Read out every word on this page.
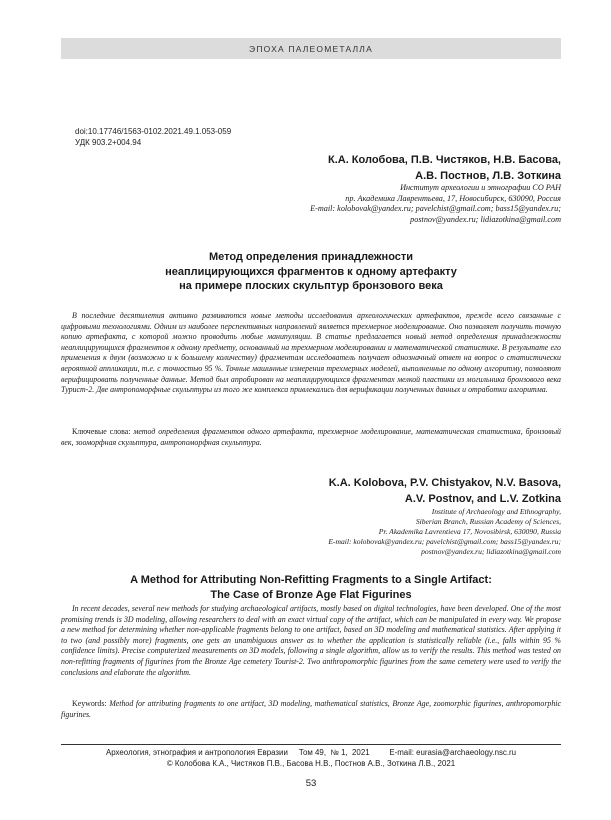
ЭПОХА ПАЛЕОМЕТАЛЛА
doi:10.17746/1563-0102.2021.49.1.053-059
УДК 903.2+004.94
К.А. Колобова, П.В. Чистяков, Н.В. Басова,
А.В. Постнов, Л.В. Зоткина
Институт археологии и этнографии СО РАН
пр. Академика Лаврентьева, 17, Новосибирск, 630090, Россия
E-mail: kolobovak@yandex.ru; pavelchist@gmail.com; bass15@yandex.ru;
postnov@yandex.ru; lidiazotkina@gmail.com
Метод определения принадлежности
неаплицирующихся фрагментов к одному артефакту
на примере плоских скульптур бронзового века
В последние десятилетия активно развиваются новые методы исследования археологических артефактов, прежде всего связанные с цифровыми технологиями. Одним из наиболее перспективных направлений является трехмерное моделирование. Оно позволяет получить точную копию артефакта, с которой можно проводить любые манипуляции. В статье предлагается новый метод определения принадлежности неаплицирующихся фрагментов к одному предмету, основанный на трехмерном моделировании и математической статистике. В результате его применения к двум (возможно и к большему количеству) фрагментам исследователь получает однозначный ответ на вопрос о статистически вероятной аппликации, т.е. с точностью 95 %. Точные машинные измерения трехмерных моделей, выполненные по одному алгоритму, позволяют верифицировать полученные данные. Метод был апробирован на неаплицирующихся фрагментах мелкой пластики из могильника бронзового века Турист-2. Две антропоморфные скульптуры из того же комплекса привлекались для верификации полученных данных и отработки алгоритма.
Ключевые слова: метод определения фрагментов одного артефакта, трехмерное моделирование, математическая статистика, бронзовый век, зооморфная скульптура, антропоморфная скульптура.
K.A. Kolobova, P.V. Chistyakov, N.V. Basova,
A.V. Postnov, and L.V. Zotkina
Institute of Archaeology and Ethnography,
Siberian Branch, Russian Academy of Sciences,
Pr. Akademika Lavrentieva 17, Novosibirsk, 630090, Russia
E-mail: kolobovak@yandex.ru; pavelchist@gmail.com; bass15@yandex.ru;
postnov@yandex.ru; lidiazotkina@gmail.com
A Method for Attributing Non-Refitting Fragments to a Single Artifact:
The Case of Bronze Age Flat Figurines
In recent decades, several new methods for studying archaeological artifacts, mostly based on digital technologies, have been developed. One of the most promising trends is 3D modeling, allowing researchers to deal with an exact virtual copy of the artifact, which can be manipulated in every way. We propose a new method for determining whether non-applicable fragments belong to one artifact, based on 3D modeling and mathematical statistics. After applying it to two (and possibly more) fragments, one gets an unambiguous answer as to whether the application is statistically reliable (i.e., falls within 95 % confidence limits). Precise computerized measurements on 3D models, following a single algorithm, allow us to verify the results. This method was tested on non-refitting fragments of figurines from the Bronze Age cemetery Tourist-2. Two anthropomorphic figurines from the same cemetery were used to verify the conclusions and elaborate the algorithm.
Keywords: Method for attributing fragments to one artifact, 3D modeling, mathematical statistics, Bronze Age, zoomorphic figurines, anthropomorphic figurines.
Археология, этнография и антропология Евразии Том 49, № 1, 2021 E-mail: eurasia@archaeology.nsc.ru
© Колобова К.А., Чистяков П.В., Басова Н.В., Постнов А.В., Зоткина Л.В., 2021
53
